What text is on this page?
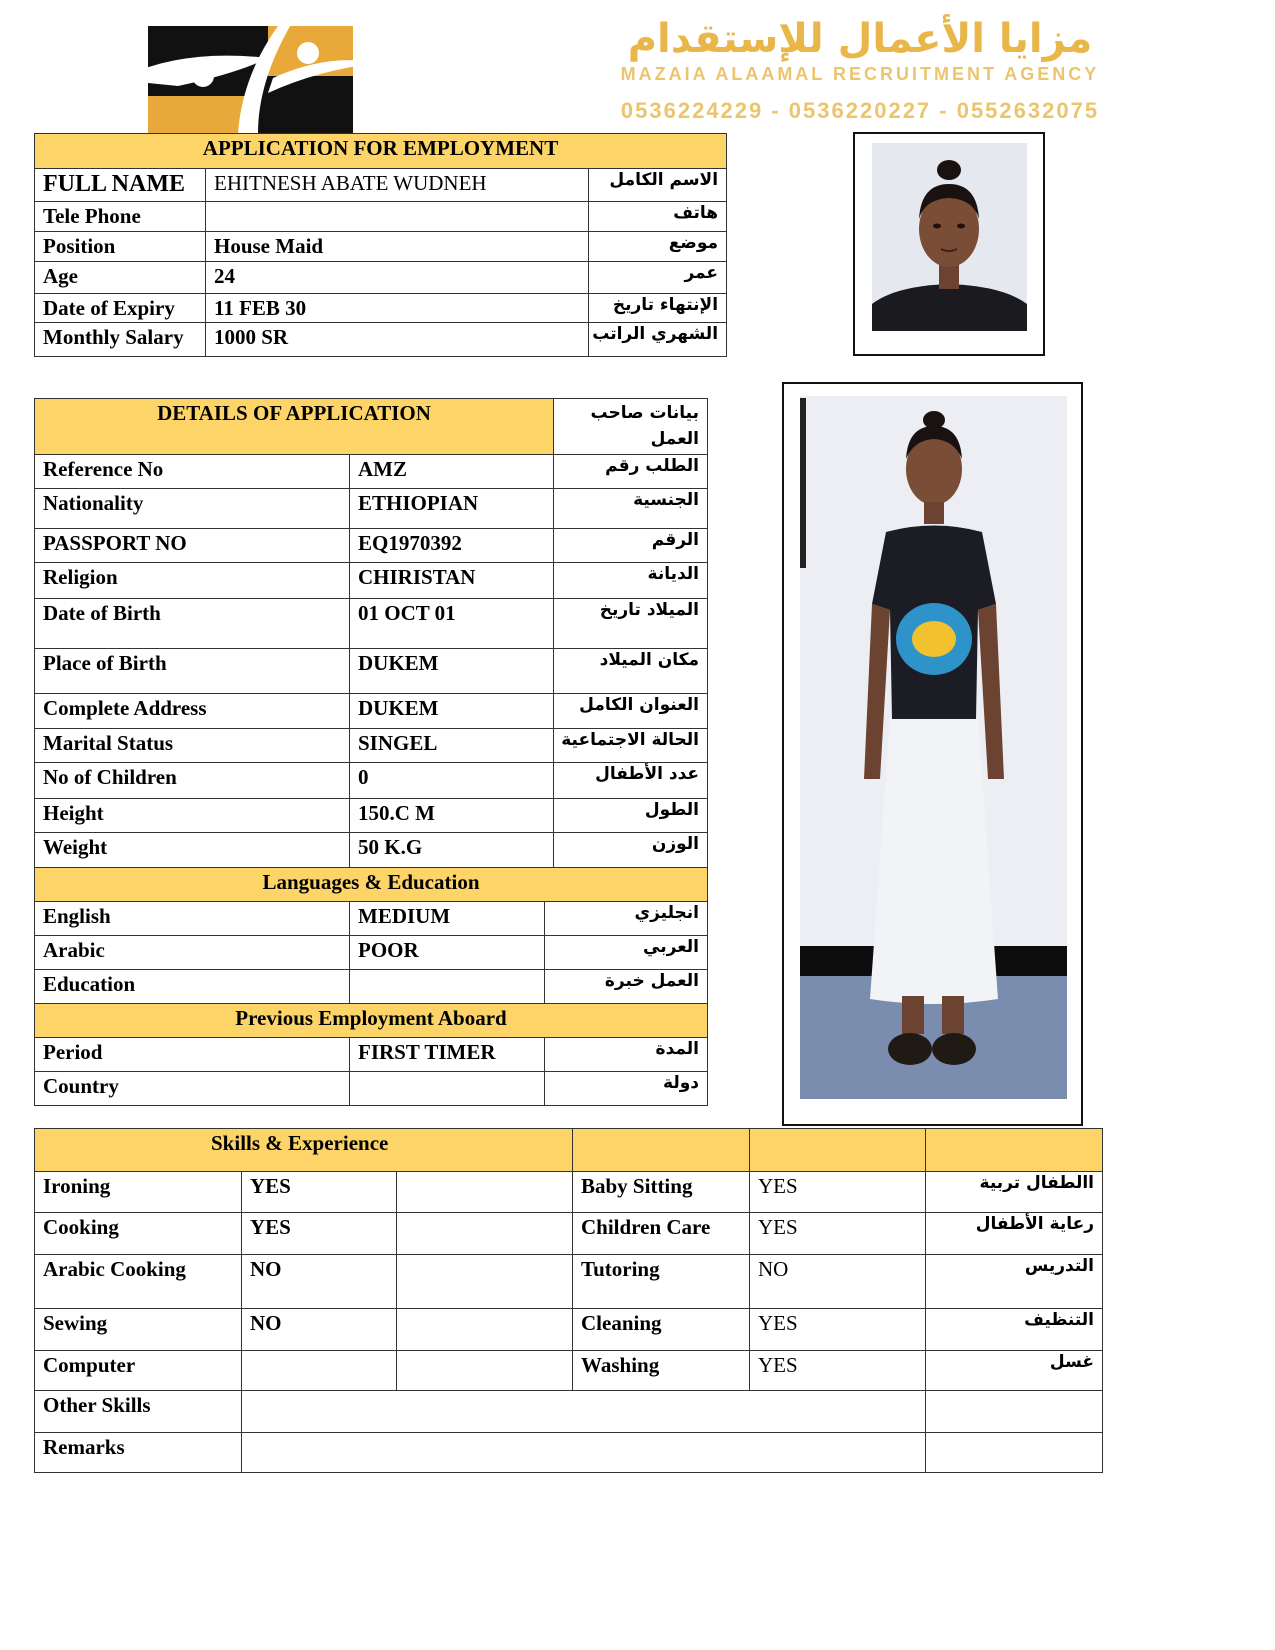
مزايا الأعمال للإستقدام
MAZAIA ALAAMAL RECRUITMENT AGENCY
0536224229 - 0536220227 - 0552632075
APPLICATION FOR EMPLOYMENT		
FULL NAME	EHITNESH ABATE WUDNEH	الاسم الكامل
Tele Phone		هاتف
Position	House Maid	موضع
Age	24	عمر
Date of Expiry	11 FEB 30	الإنتهاء تاريخ
Monthly Salary	1000 SR	الشهري الراتب
DETAILS OF APPLICATION		بيانات صاحب العمل
Reference No	AMZ	الطلب رقم
Nationality	ETHIOPIAN	الجنسية
PASSPORT NO	EQ1970392	الرقم
Religion	CHIRISTAN	الديانة
Date of Birth	01 OCT 01	الميلاد تاريخ
Place of Birth	DUKEM	مكان الميلاد
Complete Address	DUKEM	العنوان الكامل
Marital Status	SINGEL	الحالة الاجتماعية
No of Children	0	عدد الأطفال
Height	150.C M	الطول
Weight	50 K.G	الوزن
Languages & Education		
English	MEDIUM	انجليزي
Arabic	POOR	العربي
Education		العمل خبرة
Previous Employment Aboard		
Period	FIRST TIMER	المدة
Country		دولة
Skills & Experience					
Ironing	YES		Baby Sitting	YES	االطفال تربية
Cooking	YES		Children Care	YES	رعاية الأطفال
Arabic Cooking	NO		Tutoring	NO	التدريس
Sewing	NO		Cleaning	YES	التنظيف
Computer			Washing	YES	غسل
Other Skills					
Remarks					
